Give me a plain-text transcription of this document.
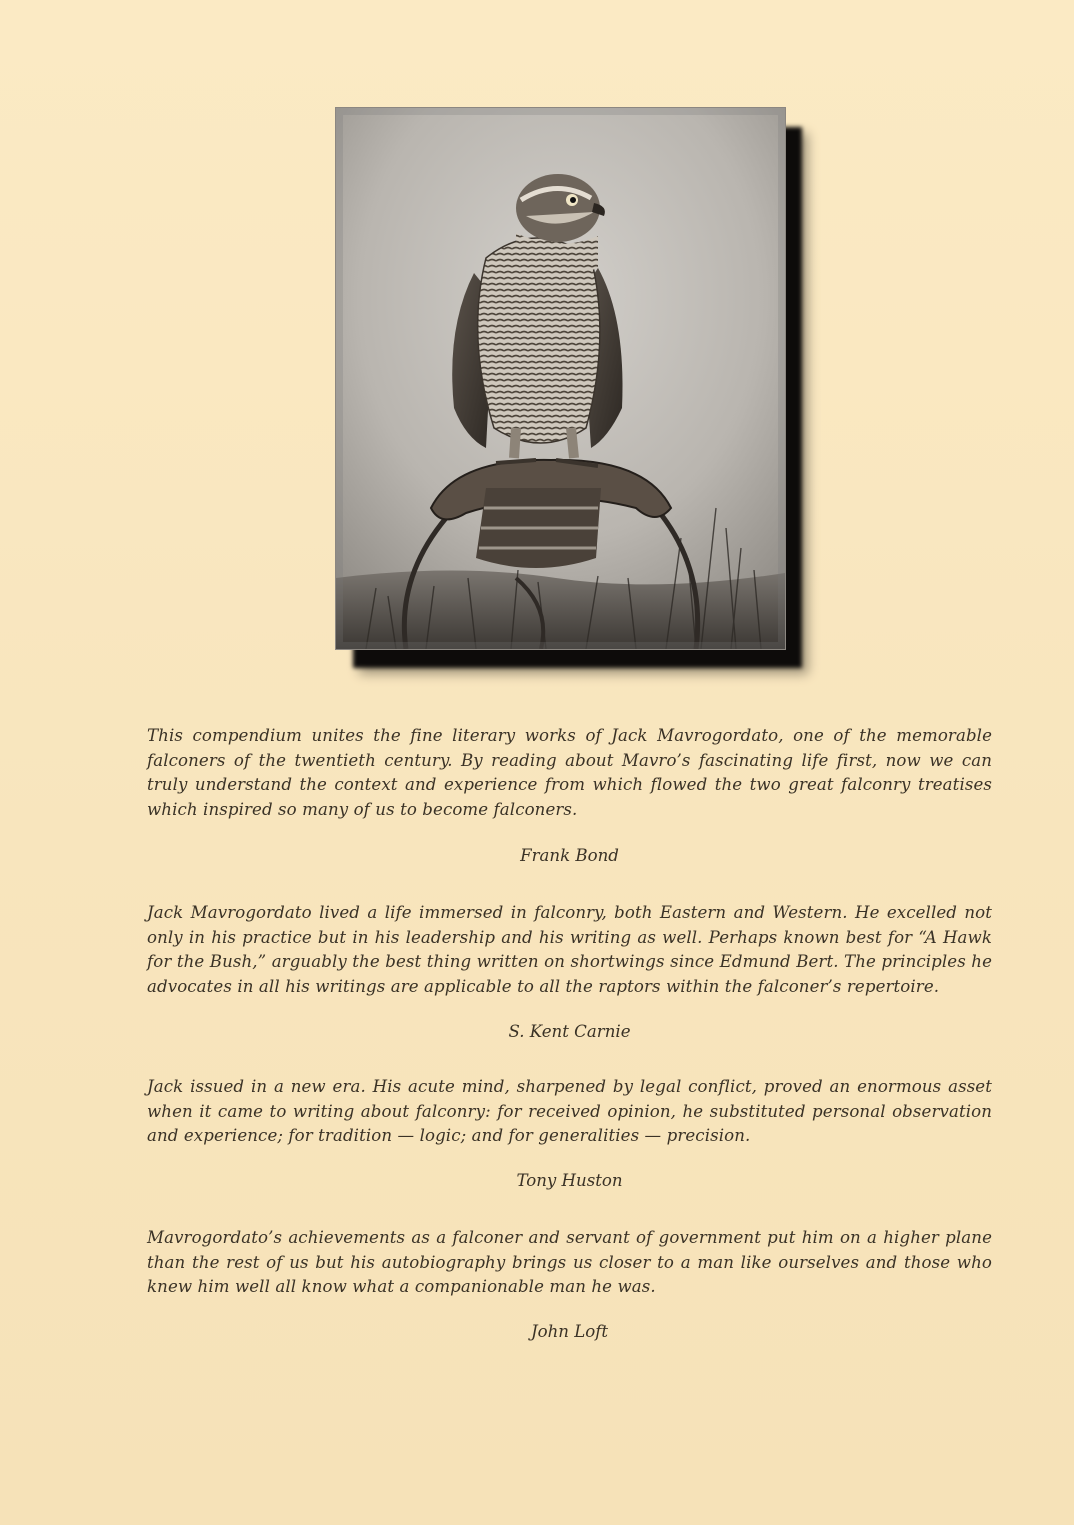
This compendium unites the fine literary works of Jack Mavrogordato, one of the memorable falconers of the twentieth century. By reading about Mavro’s fascinating life first, now we can truly understand the context and experience from which flowed the two great falconry treatises which inspired so many of us to become falconers.

Frank Bond

Jack Mavrogordato lived a life immersed in falconry, both Eastern and Western. He excelled not only in his practice but in his leadership and his writing as well. Perhaps known best for “A Hawk for the Bush,” arguably the best thing written on shortwings since Edmund Bert. The principles he advocates in all his writings are applicable to all the raptors within the falconer’s repertoire.

S. Kent Carnie

Jack issued in a new era. His acute mind, sharpened by legal conflict, proved an enormous asset when it came to writing about falconry: for received opinion, he substituted personal observation and experience; for tradition — logic; and for generalities — precision.

Tony Huston

Mavrogordato’s achievements as a falconer and servant of government put him on a higher plane than the rest of us but his autobiography brings us closer to a man like ourselves and those who knew him well all know what a companionable man he was.

John Loft
